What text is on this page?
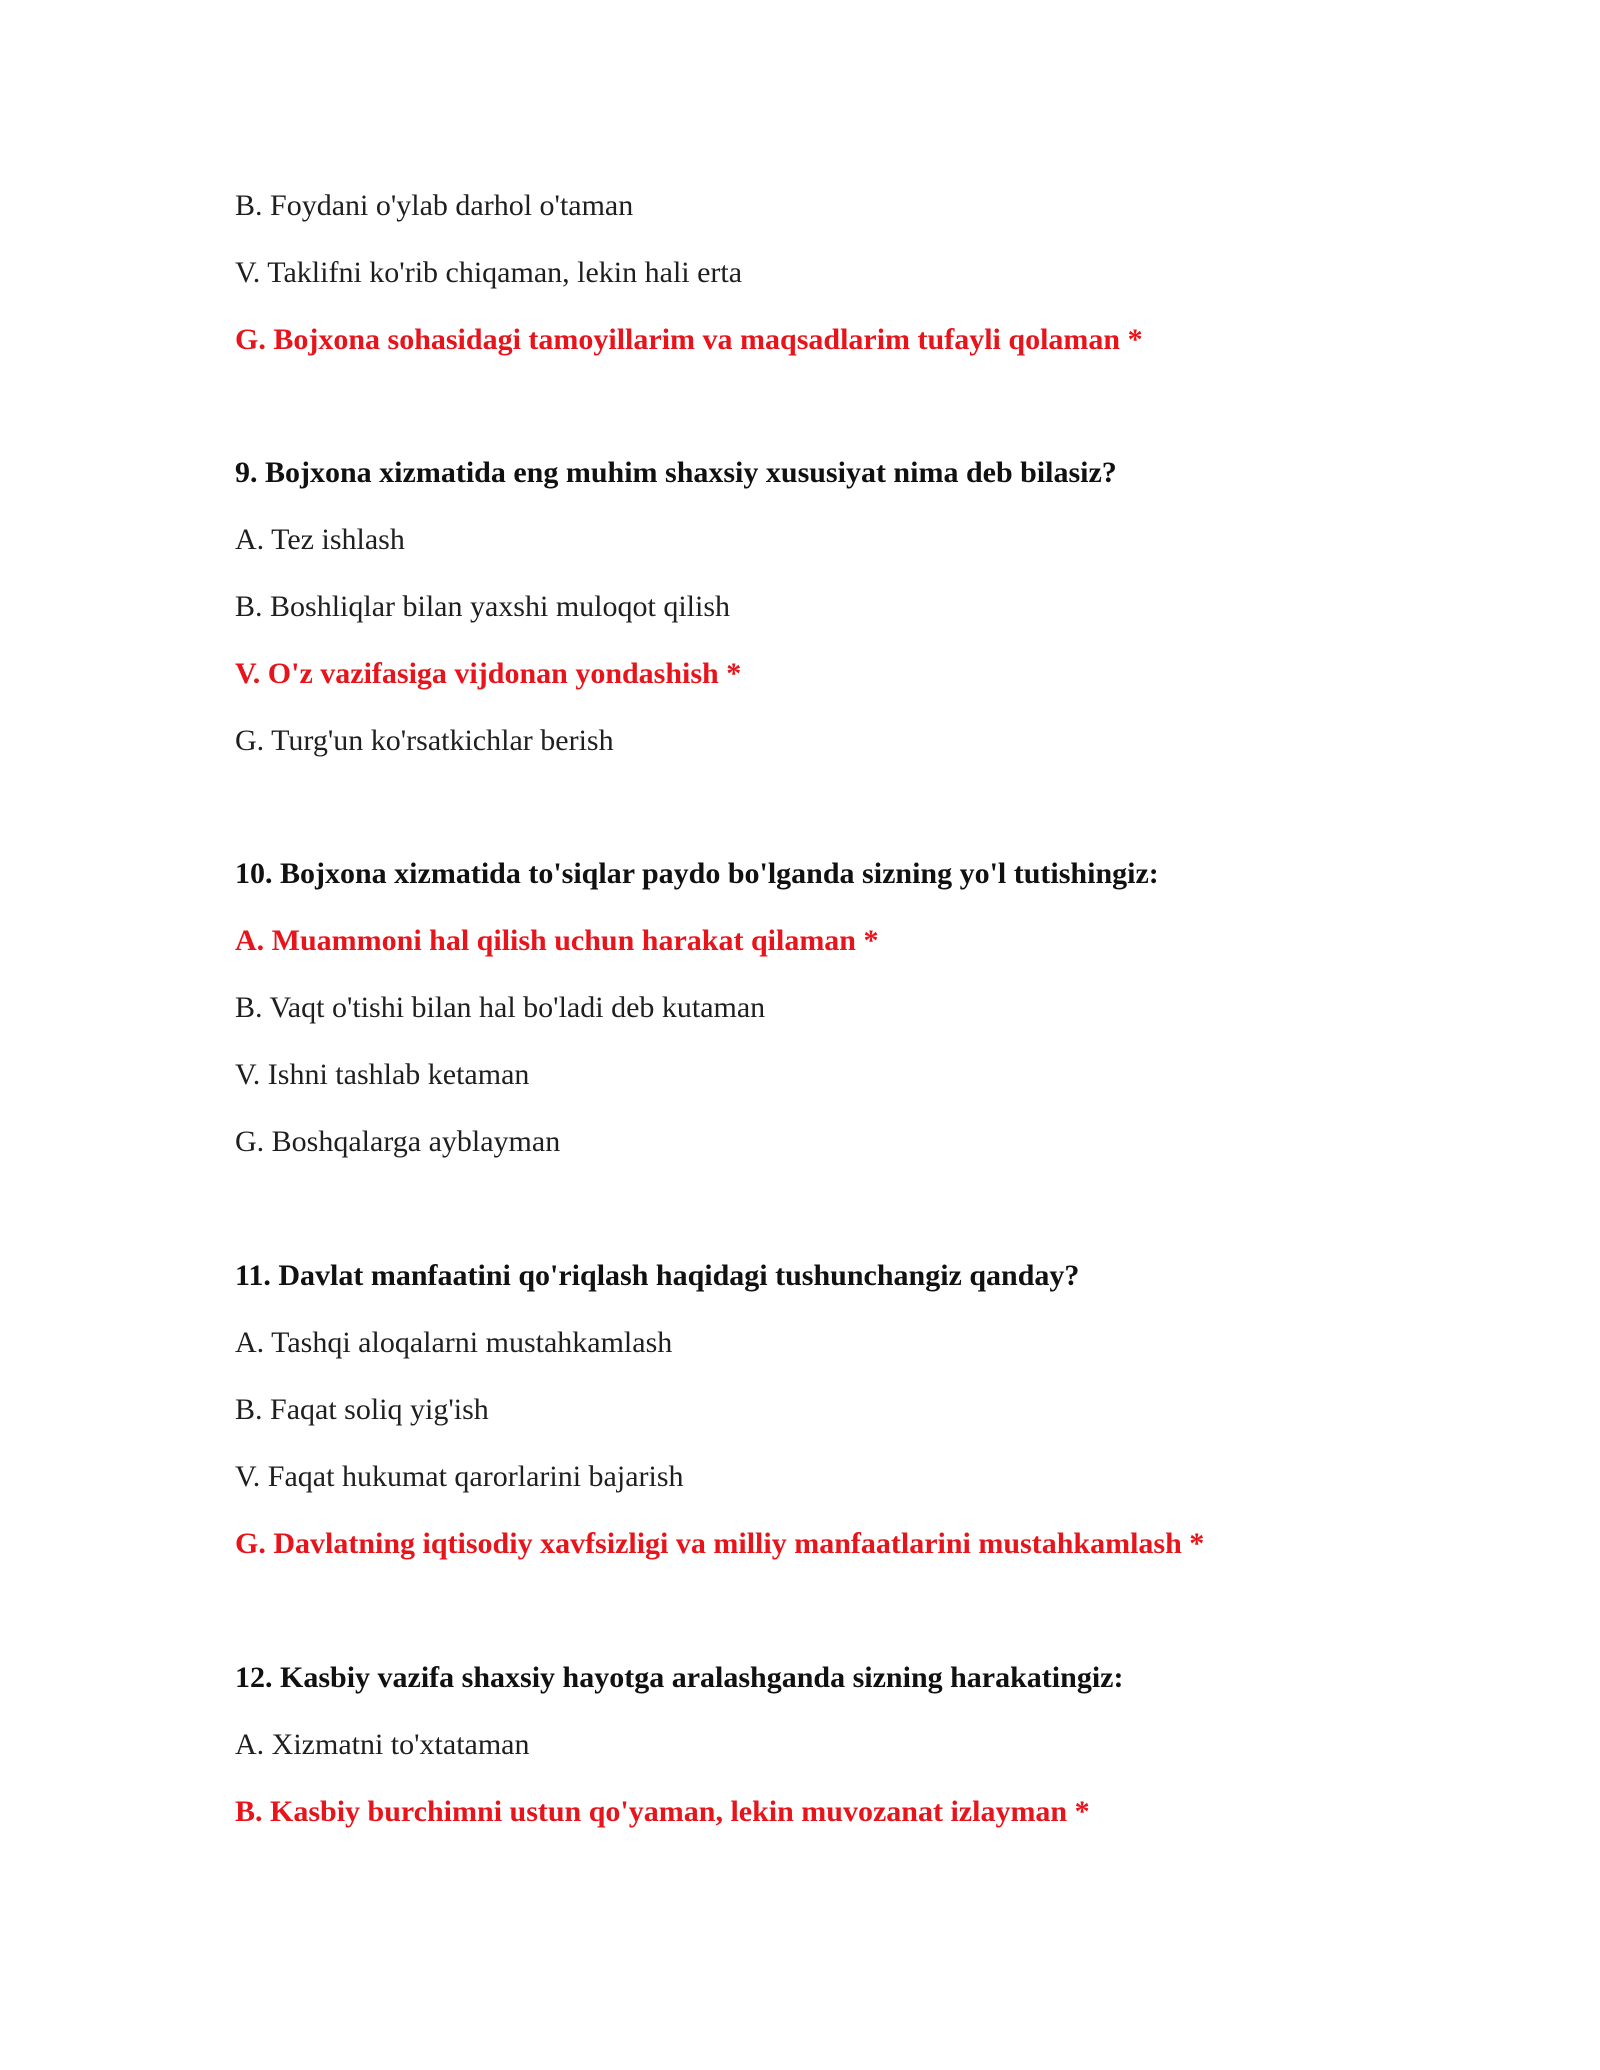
B. Foydani o'ylab darhol o'taman
V. Taklifni ko'rib chiqaman, lekin hali erta
G. Bojxona sohasidagi tamoyillarim va maqsadlarim tufayli qolaman *
9. Bojxona xizmatida eng muhim shaxsiy xususiyat nima deb bilasiz?
A. Tez ishlash
B. Boshliqlar bilan yaxshi muloqot qilish
V. O'z vazifasiga vijdonan yondashish *
G. Turg'un ko'rsatkichlar berish
10. Bojxona xizmatida to'siqlar paydo bo'lganda sizning yo'l tutishingiz:
A. Muammoni hal qilish uchun harakat qilaman *
B. Vaqt o'tishi bilan hal bo'ladi deb kutaman
V. Ishni tashlab ketaman
G. Boshqalarga ayblayman
11. Davlat manfaatini qo'riqlash haqidagi tushunchangiz qanday?
A. Tashqi aloqalarni mustahkamlash
B. Faqat soliq yig'ish
V. Faqat hukumat qarorlarini bajarish
G. Davlatning iqtisodiy xavfsizligi va milliy manfaatlarini mustahkamlash *
12. Kasbiy vazifa shaxsiy hayotga aralashganda sizning harakatingiz:
A. Xizmatni to'xtataman
B. Kasbiy burchimni ustun qo'yaman, lekin muvozanat izlayman *
